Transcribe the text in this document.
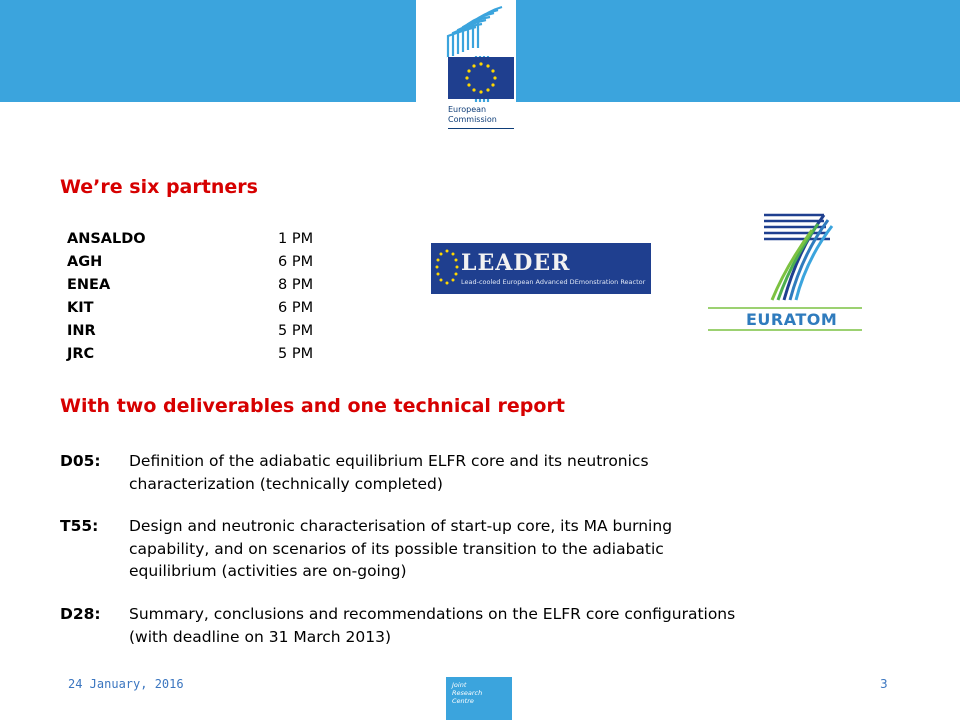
European
Commission
We’re six partners
ANSALDO	1 PM
AGH	6 PM
ENEA	8 PM
KIT	6 PM
INR	5 PM
JRC	5 PM
LEADER
Lead-cooled European Advanced DEmonstration Reactor
EURATOM
With two deliverables and one technical report
D05:	Definition of the adiabatic equilibrium ELFR core and its neutronics
characterization (technically completed)
T55:	Design and neutronic characterisation of start-up core, its MA burning
capability, and on scenarios of its possible transition to the adiabatic
equilibrium (activities are on-going)
D28:	Summary, conclusions and recommendations on the ELFR core configurations
(with deadline on 31 March 2013)
24 January, 2016	Joint
Research
Centre
3
